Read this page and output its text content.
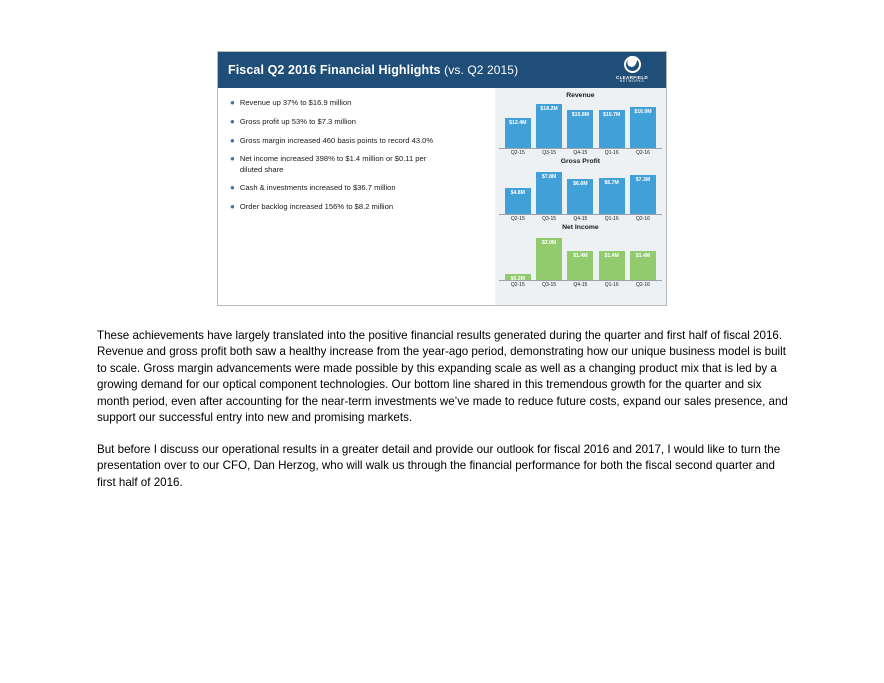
Fiscal Q2 2016 Financial Highlights (vs. Q2 2015)
CLEARFIELD
NETWORKS
● Revenue up 37% to $16.9 million
● Gross profit up 53% to $7.3 million
● Gross margin increased 460 basis points to record 43.0%
● Net income increased 398% to $1.4 million or $0.11 per diluted share
● Cash & investments increased to $36.7 million
● Order backlog increased 156% to $8.2 million
Revenue
$12.4M
$18.2M
$15.8M	$15.7M	$16.9M
Q2-15	Q3-15	Q4-15	Q1-16	Q2-16
Gross Profit
$4.8M
$7.8M
$6.6M	$6.7M	$7.3M
Q2-15	Q3-15	Q4-15	Q1-16	Q2-16
Net Income
$0.3M
$2.0M
$1.4M	$1.4M	$1.4M
Q2-15	Q3-15	Q4-15	Q1-16	Q2-16

These achievements have largely translated into the positive financial results generated during the quarter and first half of fiscal 2016. Revenue and gross profit both saw a healthy increase from the year-ago period, demonstrating how our unique business model is built to scale. Gross margin advancements were made possible by this expanding scale as well as a changing product mix that is led by a growing demand for our optical component technologies. Our bottom line shared in this tremendous growth for the quarter and six month period, even after accounting for the near-term investments we’ve made to reduce future costs, expand our sales presence, and support our successful entry into new and promising markets.

But before I discuss our operational results in a greater detail and provide our outlook for fiscal 2016 and 2017, I would like to turn the presentation over to our CFO, Dan Herzog, who will walk us through the financial performance for both the fiscal second quarter and first half of 2016.
